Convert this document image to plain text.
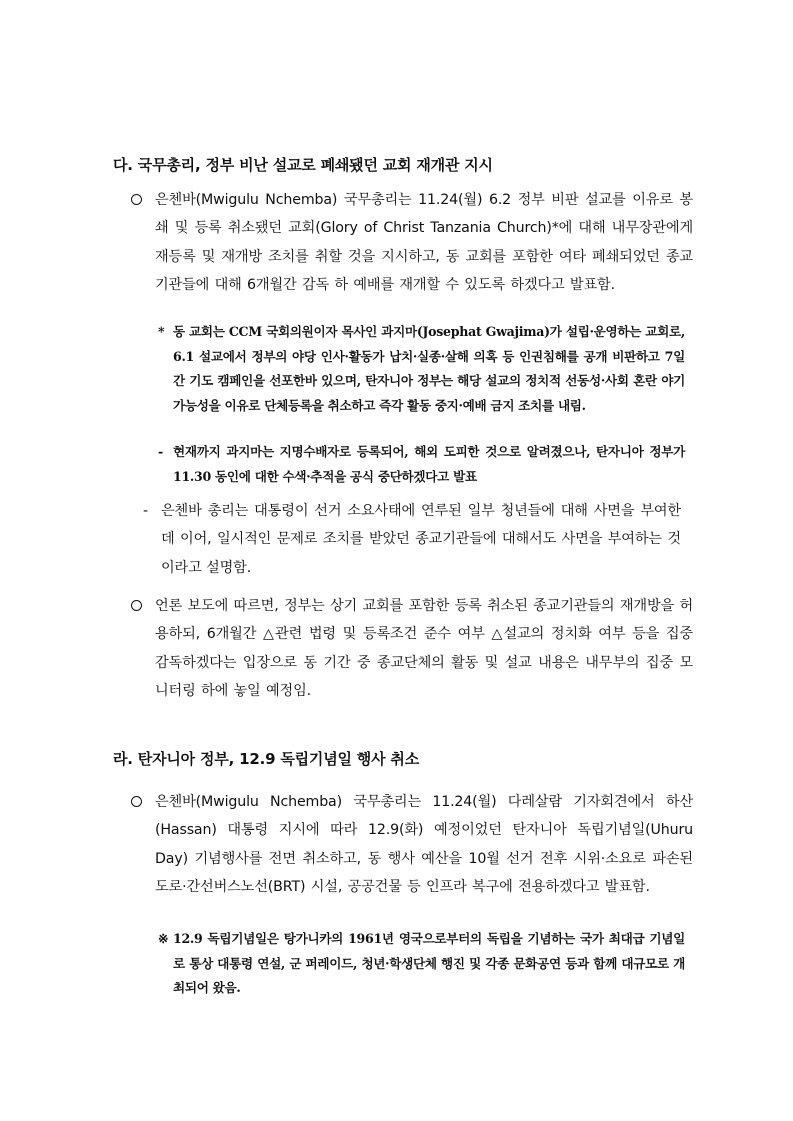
다. 국무총리, 정부 비난 설교로 폐쇄됐던 교회 재개관 지시
은첸바(Mwigulu Nchemba) 국무총리는 11.24(월) 6.2 정부 비판 설교를 이유로 봉쇄 및 등록 취소됐던 교회(Glory of Christ Tanzania Church)*에 대해 내무장관에게 재등록 및 재개방 조치를 취할 것을 지시하고, 동 교회를 포함한 여타 폐쇄되었던 종교기관들에 대해 6개월간 감독 하 예배를 재개할 수 있도록 하겠다고 발표함.
* 동 교회는 CCM 국회의원이자 목사인 과지마(Josephat Gwajima)가 설립·운영하는 교회로, 6.1 설교에서 정부의 야당 인사·활동가 납치·실종·살해 의혹 등 인권침해를 공개 비판하고 7일간 기도 캠페인을 선포한바 있으며, 탄자니아 정부는 해당 설교의 정치적 선동성·사회 혼란 야기 가능성을 이유로 단체등록을 취소하고 즉각 활동 중지·예배 금지 조치를 내림.
- 현재까지 과지마는 지명수배자로 등록되어, 해외 도피한 것으로 알려졌으나, 탄자니아 정부가 11.30 동인에 대한 수색·추적을 공식 중단하겠다고 발표
- 은첸바 총리는 대통령이 선거 소요사태에 연루된 일부 청년들에 대해 사면을 부여한 데 이어, 일시적인 문제로 조치를 받았던 종교기관들에 대해서도 사면을 부여하는 것이라고 설명함.
언론 보도에 따르면, 정부는 상기 교회를 포함한 등록 취소된 종교기관들의 재개방을 허용하되, 6개월간 △관련 법령 및 등록조건 준수 여부 △설교의 정치화 여부 등을 집중 감독하겠다는 입장으로 동 기간 중 종교단체의 활동 및 설교 내용은 내무부의 집중 모니터링 하에 놓일 예정임.
라. 탄자니아 정부, 12.9 독립기념일 행사 취소
은첸바(Mwigulu Nchemba) 국무총리는 11.24(월) 다레살람 기자회견에서 하산(Hassan) 대통령 지시에 따라 12.9(화) 예정이었던 탄자니아 독립기념일(Uhuru Day) 기념행사를 전면 취소하고, 동 행사 예산을 10월 선거 전후 시위·소요로 파손된 도로·간선버스노선(BRT) 시설, 공공건물 등 인프라 복구에 전용하겠다고 발표함.
※ 12.9 독립기념일은 탕가니카의 1961년 영국으로부터의 독립을 기념하는 국가 최대급 기념일로 통상 대통령 연설, 군 퍼레이드, 청년·학생단체 행진 및 각종 문화공연 등과 함께 대규모로 개최되어 왔음.
